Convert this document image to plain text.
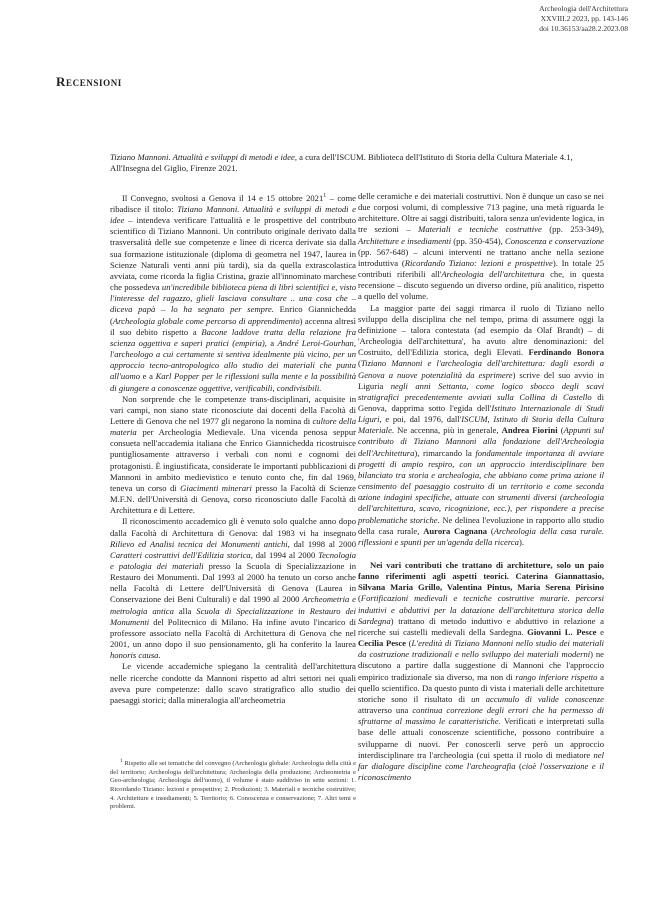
Archeologia dell'Architettura
XXVIII.2 2023, pp. 143-146
doi 10.36153/aa28.2.2023.08
Recensioni

Tiziano Mannoni. Attualità e sviluppi di metodi e idee, a cura dell'ISCUM. Biblioteca dell'Istituto di Storia della Cultura Materiale 4.1, All'Insegna del Giglio, Firenze 2021.

Il Convegno, svoltosi a Genova il 14 e 15 ottobre 2021$^1$ – come ribadisce il titolo: Tiziano Mannoni. Attualità e sviluppi di metodi e idee – intendeva verificare l'attualità e le prospettive del contributo scientifico di Tiziano Mannoni. Un contributo originale derivato dalla trasversalità delle sue competenze e linee di ricerca derivate sia dalla sua formazione istituzionale (diploma di geometra nel 1947, laurea in Scienze Naturali venti anni più tardi), sia da quella extrascolastica avviata, come ricorda la figlia Cristina, grazie all'innominato marchese che possedeva un'incredibile biblioteca piena di libri scientifici e, visto l'interesse del ragazzo, glieli lasciava consultare .. una cosa che – diceva papà – lo ha segnato per sempre. Enrico Giannichedda (Archeologia globale come percorso di apprendimento) accenna altresì il suo debito rispetto a Bacone laddove tratta della relazione fra scienza oggettiva e saperi pratici (empiria), a André Leroi-Gourhan, l'archeologo a cui certamente si sentiva idealmente più vicino, per un approccio tecno-antropologico allo studio dei materiali che punta all'uomo e a Karl Popper per le riflessioni sulla mente e la possibilità di giungere a conoscenze oggettive, verificabili, condivisibili.

Non sorprende che le competenze trans-disciplinari, acquisite in vari campi, non siano state riconosciute dai docenti della Facoltà di Lettere di Genova che nel 1977 gli negarono la nomina di cultore della materia per Archeologia Medievale. Una vicenda penosa seppur consueta nell'accademia italiana che Enrico Giannichedda ricostruisce puntigliosamente attraverso i verbali con nomi e cognomi dei protagonisti. È ingiustificata, considerate le importanti pubblicazioni di Mannoni in ambito medievistico e tenuto conto che, fin dal 1969, teneva un corso di Giacimenti minerari presso la Facoltà di Scienze M.F.N. dell'Università di Genova, corso riconosciuto dalle Facoltà di Architettura e di Lettere.

Il riconoscimento accademico gli è venuto solo qualche anno dopo dalla Facoltà di Architettura di Genova: dal 1983 vi ha insegnato Rilievo ed Analisi tecnica dei Monumenti antichi, dal 1998 al 2000 Caratteri costruttivi dell'Edilizia storica, dal 1994 al 2000 Tecnologia e patologia dei materiali presso la Scuola di Specializzazione in Restauro dei Monumenti. Dal 1993 al 2000 ha tenuto un corso anche nella Facoltà di Lettere dell'Università di Genova (Laurea in Conservazione dei Beni Culturali) e dal 1990 al 2000 Archeometria e metrologia antica alla Scuola di Specializzazione in Restauro dei Monumenti del Politecnico di Milano. Ha infine avuto l'incarico di professore associato nella Facoltà di Architettura di Genova che nel 2001, un anno dopo il suo pensionamento, gli ha conferito la laurea honoris causa.

Le vicende accademiche spiegano la centralità dell'architettura nelle ricerche condotte da Mannoni rispetto ad altri settori nei quali aveva pure competenze: dallo scavo stratigrafico allo studio dei paesaggi storici; dalla mineralogia all'archeometria

delle ceramiche e dei materiali costruttivi. Non è dunque un caso se nei due corposi volumi, di complessive 713 pagine, una metà riguarda le architetture. Oltre ai saggi distribuiti, talora senza un'evidente logica, in tre sezioni – Materiali e tecniche costruttive (pp. 253-349), Architetture e insediamenti (pp. 350-454), Conoscenza e conservazione (pp. 567-648) – alcuni interventi ne trattano anche nella sezione introduttiva (Ricordando Tiziano: lezioni e prospettive). In totale 25 contributi riferibili all'Archeologia dell'architettura che, in questa recensione – discuto seguendo un diverso ordine, più analitico, rispetto a quello del volume.

La maggior parte dei saggi rimarca il ruolo di Tiziano nello sviluppo della disciplina che nel tempo, prima di assumere oggi la definizione – talora contestata (ad esempio da Olaf Brandt) – di 'Archeologia dell'architettura', ha avuto altre denominazioni: del Costruito, dell'Edilizia storica, degli Elevati. Ferdinando Bonora (Tiziano Mannoni e l'archeologia dell'architettura: dagli esordi a Genova a nuove potenzialità da esprimere) scrive del suo avvio in Liguria negli anni Settanta, come logico sbocco degli scavi stratigrafici precedentemente avviati sulla Collina di Castello di Genova, dapprima sotto l'egida dell'Istituto Internazionale di Studi Liguri, e poi, dal 1976, dall'ISCUM, Istituto di Storia della Cultura Materiale. Ne accenna, più in generale, Andrea Fiorini (Appunti sul contributo di Tiziano Mannoni alla fondazione dell'Archeologia dell'Architettura), rimarcando la fondamentale importanza di avviare progetti di ampio respiro, con un approccio interdisciplinare ben bilanciato tra storia e archeologia, che abbiano come prima azione il censimento del paesaggio costruito di un territorio e come seconda azione indagini specifiche, attuate con strumenti diversi (archeologia dell'architettura, scavo, ricognizione, ecc.), per rispondere a precise problematiche storiche. Ne delinea l'evoluzione in rapporto allo studio della casa rurale, Aurora Cagnana (Archeologia della casa rurale. riflessioni e spunti per un'agenda della ricerca).

Nei vari contributi che trattano di architetture, solo un paio fanno riferimenti agli aspetti teorici. Caterina Giannattasio, Silvana Maria Grillo, Valentina Pintus, Maria Serena Pirisino (Fortificazioni medievali e tecniche costruttive murarie. percorsi induttivi e abduttivi per la datazione dell'architettura storica della Sardegna) trattano di metodo induttivo e abduttivo in relazione a ricerche sui castelli medievali della Sardegna. Giovanni L. Pesce e Cecilia Pesce (L'eredità di Tiziano Mannoni nello studio dei materiali da costruzione tradizionali e nello sviluppo dei materiali moderni) ne discutono a partire dalla suggestione di Mannoni che l'approccio empirico tradizionale sia diverso, ma non di rango inferiore rispetto a quello scientifico. Da questo punto di vista i materiali delle architetture storiche sono il risultato di un accumulo di valide conoscenze attraverso una continua correzione degli errori che ha permesso di sfruttarne al massimo le caratteristiche. Verificati e interpretati sulla base delle attuali conoscenze scientifiche, possono contribuire a svilupparne di nuovi. Per conoscerli serve però un approccio interdisciplinare tra l'archeologia (cui spetta il ruolo di mediatore nel far dialogare discipline come l'archeografia (cioè l'osservazione e il riconoscimento

$^1$ Rispetto alle sei tematiche del convegno (Archeologia globale: Archeologia della città e del territorio; Archeologia dell'architettura; Archeologia della produzione; Archeometria e Geo-archeologia; Archeologia dell'uomo), il volume è stato suddiviso in sette sezioni: 1. Ricordando Tiziano: lezioni e prospettive; 2. Produzioni; 3. Materiali e tecniche costruttive; 4. Architetture e insediamenti; 5. Territorio; 6. Conoscenza e conservazione; 7. Altri temi e problemi.
